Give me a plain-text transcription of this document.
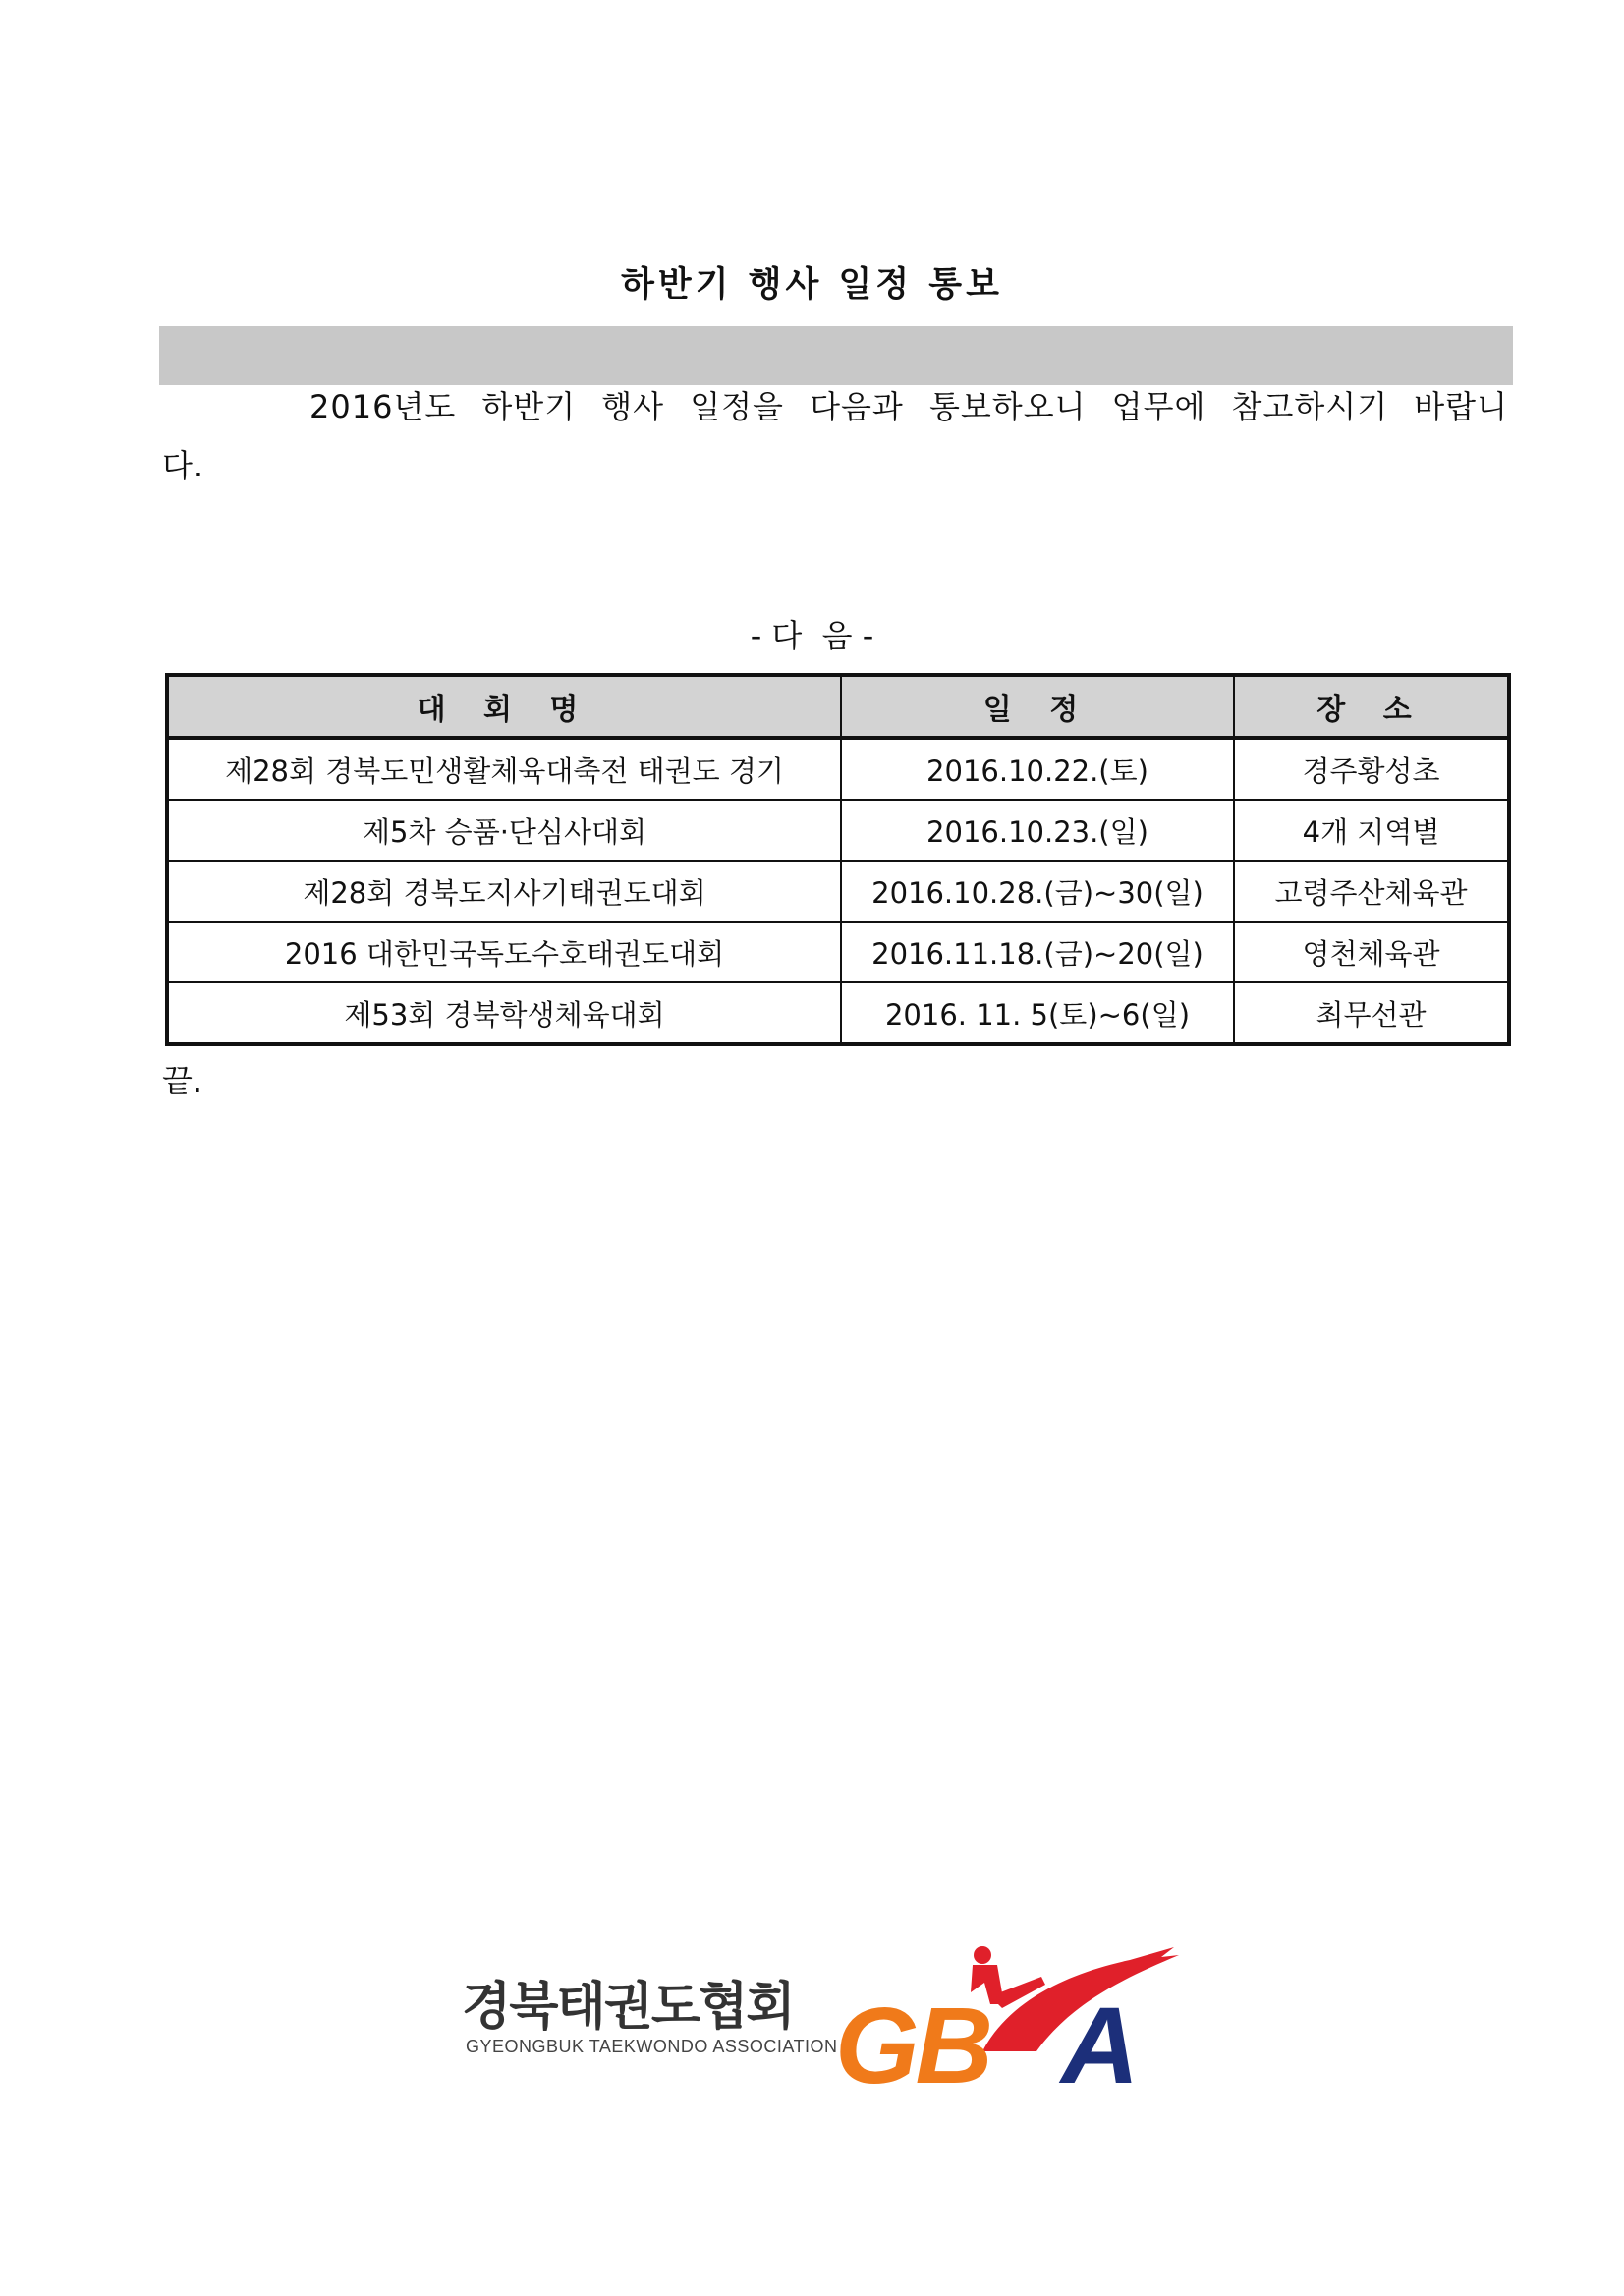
하반기 행사 일정 통보
2016년도 하반기 행사 일정을 다음과 통보하오니 업무에 참고하시기 바랍니다.
- 다  음 -
대 회 명	일 정	장 소
제28회 경북도민생활체육대축전 태권도 경기	2016.10.22.(토)	경주황성초
제5차 승품·단심사대회	2016.10.23.(일)	4개 지역별
제28회 경북도지사기태권도대회	2016.10.28.(금)~30(일)	고령주산체육관
2016 대한민국독도수호태권도대회	2016.11.18.(금)~20(일)	영천체육관
제53회 경북학생체육대회	2016. 11. 5(토)~6(일)	최무선관
끝.
경북태권도협회
GYEONGBUK TAEKWONDO ASSOCIATION
GB A
